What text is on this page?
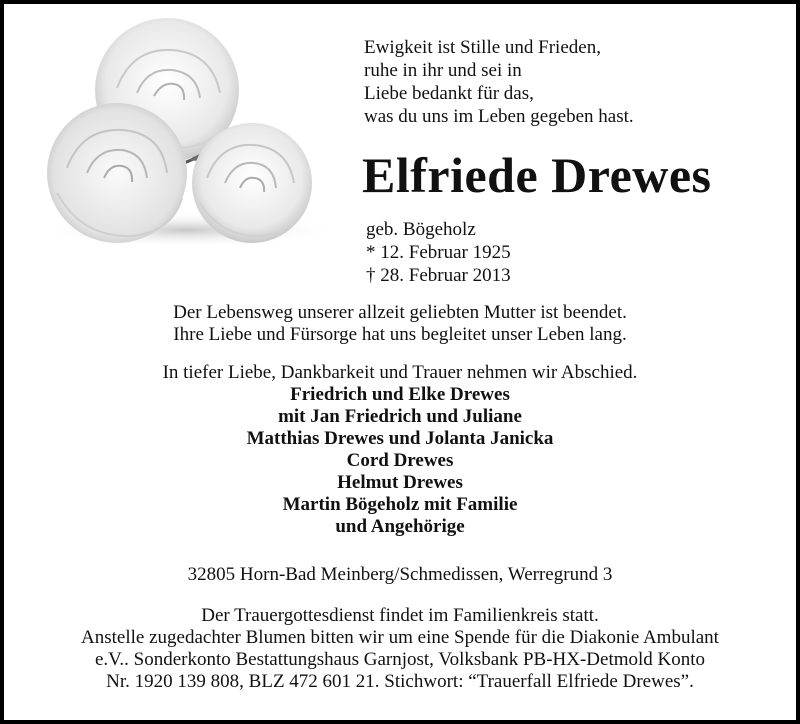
Ewigkeit ist Stille und Frieden,
ruhe in ihr und sei in
Liebe bedankt für das,
was du uns im Leben gegeben hast.
Elfriede Drewes
geb. Bögeholz
* 12. Februar 1925
† 28. Februar 2013
Der Lebensweg unserer allzeit geliebten Mutter ist beendet.
Ihre Liebe und Fürsorge hat uns begleitet unser Leben lang.
In tiefer Liebe, Dankbarkeit und Trauer nehmen wir Abschied.
Friedrich und Elke Drewes
mit Jan Friedrich und Juliane
Matthias Drewes und Jolanta Janicka
Cord Drewes
Helmut Drewes
Martin Bögeholz mit Familie
und Angehörige
32805 Horn-Bad Meinberg/Schmedissen, Werregrund 3
Der Trauergottesdienst findet im Familienkreis statt.
Anstelle zugedachter Blumen bitten wir um eine Spende für die Diakonie Ambulant
e.V.. Sonderkonto Bestattungshaus Garnjost, Volksbank PB-HX-Detmold Konto
Nr. 1920 139 808, BLZ 472 601 21. Stichwort: “Trauerfall Elfriede Drewes”.
